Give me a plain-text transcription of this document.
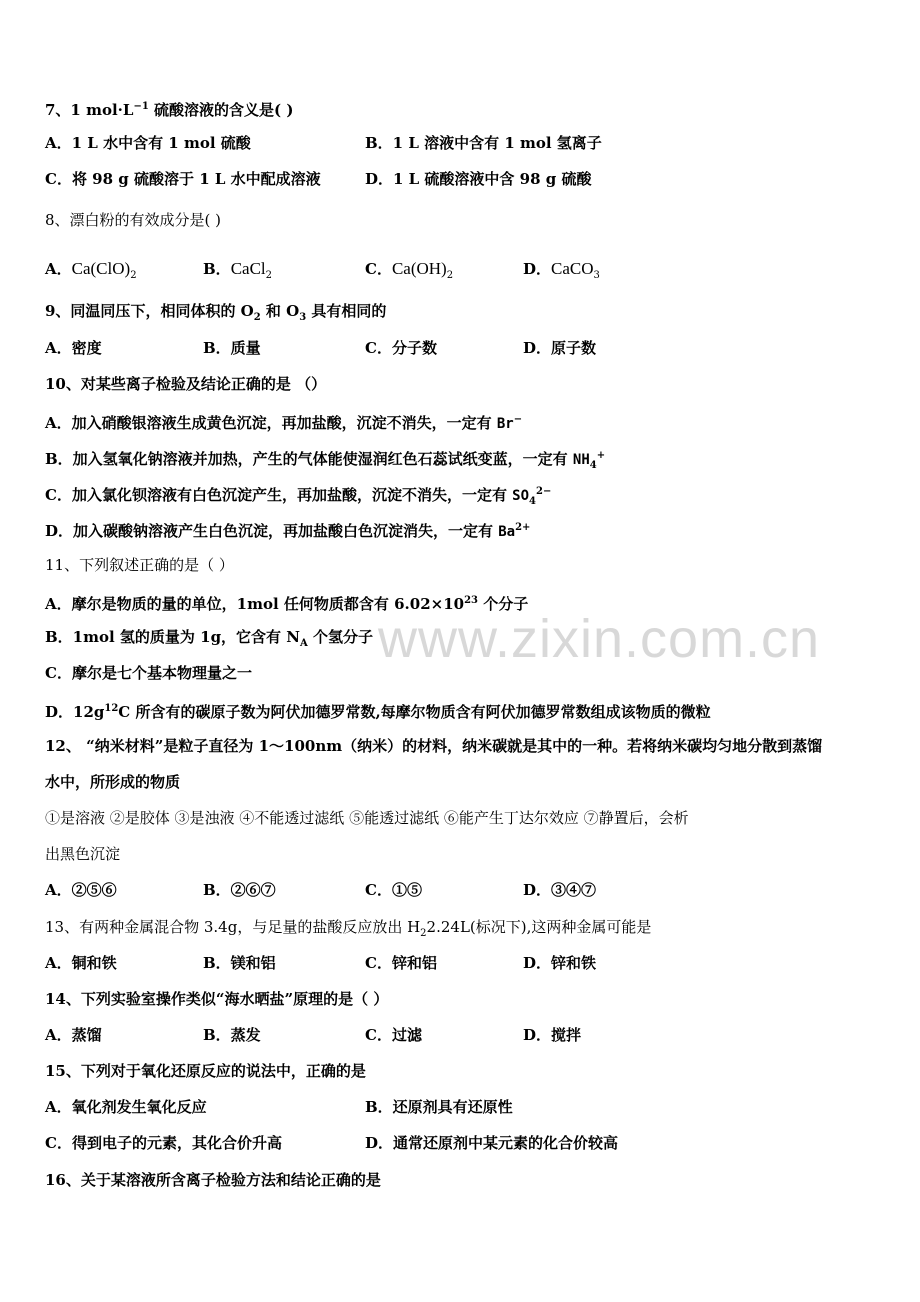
www.zixin.com.cn
7、1 $mol\cdot L^{-1}$ 硫酸溶液的含义是( )
A．1 L 水中含有 1 mol 硫酸	B．1 L 溶液中含有 1 mol 氢离子
C．将 98 g 硫酸溶于 1 L 水中配成溶液	D．1 L 硫酸溶液中含 98 g 硫酸
8、漂白粉的有效成分是( )
A．$Ca(ClO)_2$	B．CaCl$_2$	C．$Ca(OH)_2$	D．CaCO$_3$
9、同温同压下，相同体积的 $O_2$ 和 $O_3$ 具有相同的
A．密度	B．质量	C．分子数	D．原子数
10、对某些离子检验及结论正确的是 （）
A．加入硝酸银溶液生成黄色沉淀，再加盐酸，沉淀不消失，一定有 Br−
B．加入氢氧化钠溶液并加热，产生的气体能使湿润红色石蕊试纸变蓝，一定有 $NH_4^+$
C．加入氯化钡溶液有白色沉淀产生，再加盐酸，沉淀不消失，一定有 $SO_4^{2-}$
D．加入碳酸钠溶液产生白色沉淀，再加盐酸白色沉淀消失，一定有 $Ba^{2+}$
11、下列叙述正确的是（ ）
A．摩尔是物质的量的单位，1mol 任何物质都含有 $6.02\times 10^{23}$ 个分子
B．1mol 氢的质量为 1g，它含有 $N_A$ 个氢分子
C．摩尔是七个基本物理量之一
D．$12g^{12}C$ 所含有的碳原子数为阿伏加德罗常数,每摩尔物质含有阿伏加德罗常数组成该物质的微粒
12、 “纳米材料”是粒子直径为 1～100nm（纳米）的材料，纳米碳就是其中的一种。若将纳米碳均匀地分散到蒸馏
水中，所形成的物质
①是溶液 ②是胶体 ③是浊液 ④不能透过滤纸 ⑤能透过滤纸 ⑥能产生丁达尔效应 ⑦静置后，会析
出黑色沉淀
A．②⑤⑥	B．②⑥⑦	C．①⑤	D．③④⑦
13、有两种金属混合物 3.4g，与足量的盐酸反应放出 $H_22.24L$(标况下),这两种金属可能是
A．铜和铁	B．镁和铝	C．锌和铝	D．锌和铁
14、下列实验室操作类似“海水晒盐”原理的是（ ）
A．蒸馏	B．蒸发	C．过滤	D．搅拌
15、下列对于氧化还原反应的说法中，正确的是
A．氧化剂发生氧化反应	B．还原剂具有还原性
C．得到电子的元素，其化合价升高	D．通常还原剂中某元素的化合价较高
16、关于某溶液所含离子检验方法和结论正确的是
